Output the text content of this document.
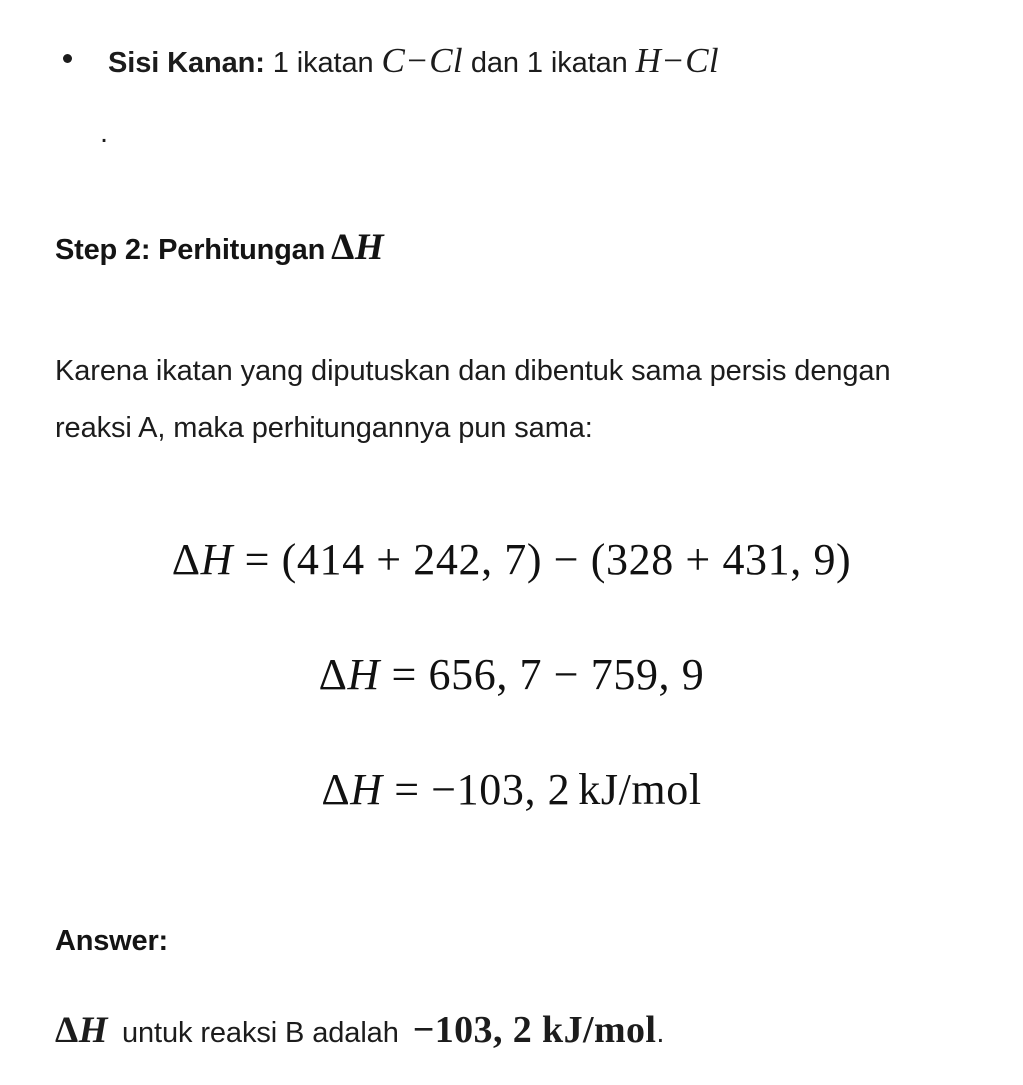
Sisi Kanan: 1 ikatan C−Cl dan 1 ikatan H−Cl
.
Step 2: Perhitungan ΔH

Karena ikatan yang diputuskan dan dibentuk sama persis dengan reaksi A, maka perhitungannya pun sama:

ΔH = (414 + 242, 7) − (328 + 431, 9)
ΔH = 656, 7 − 759, 9
ΔH = −103, 2 kJ/mol
Answer:
ΔH untuk reaksi B adalah −103, 2 kJ/mol.
